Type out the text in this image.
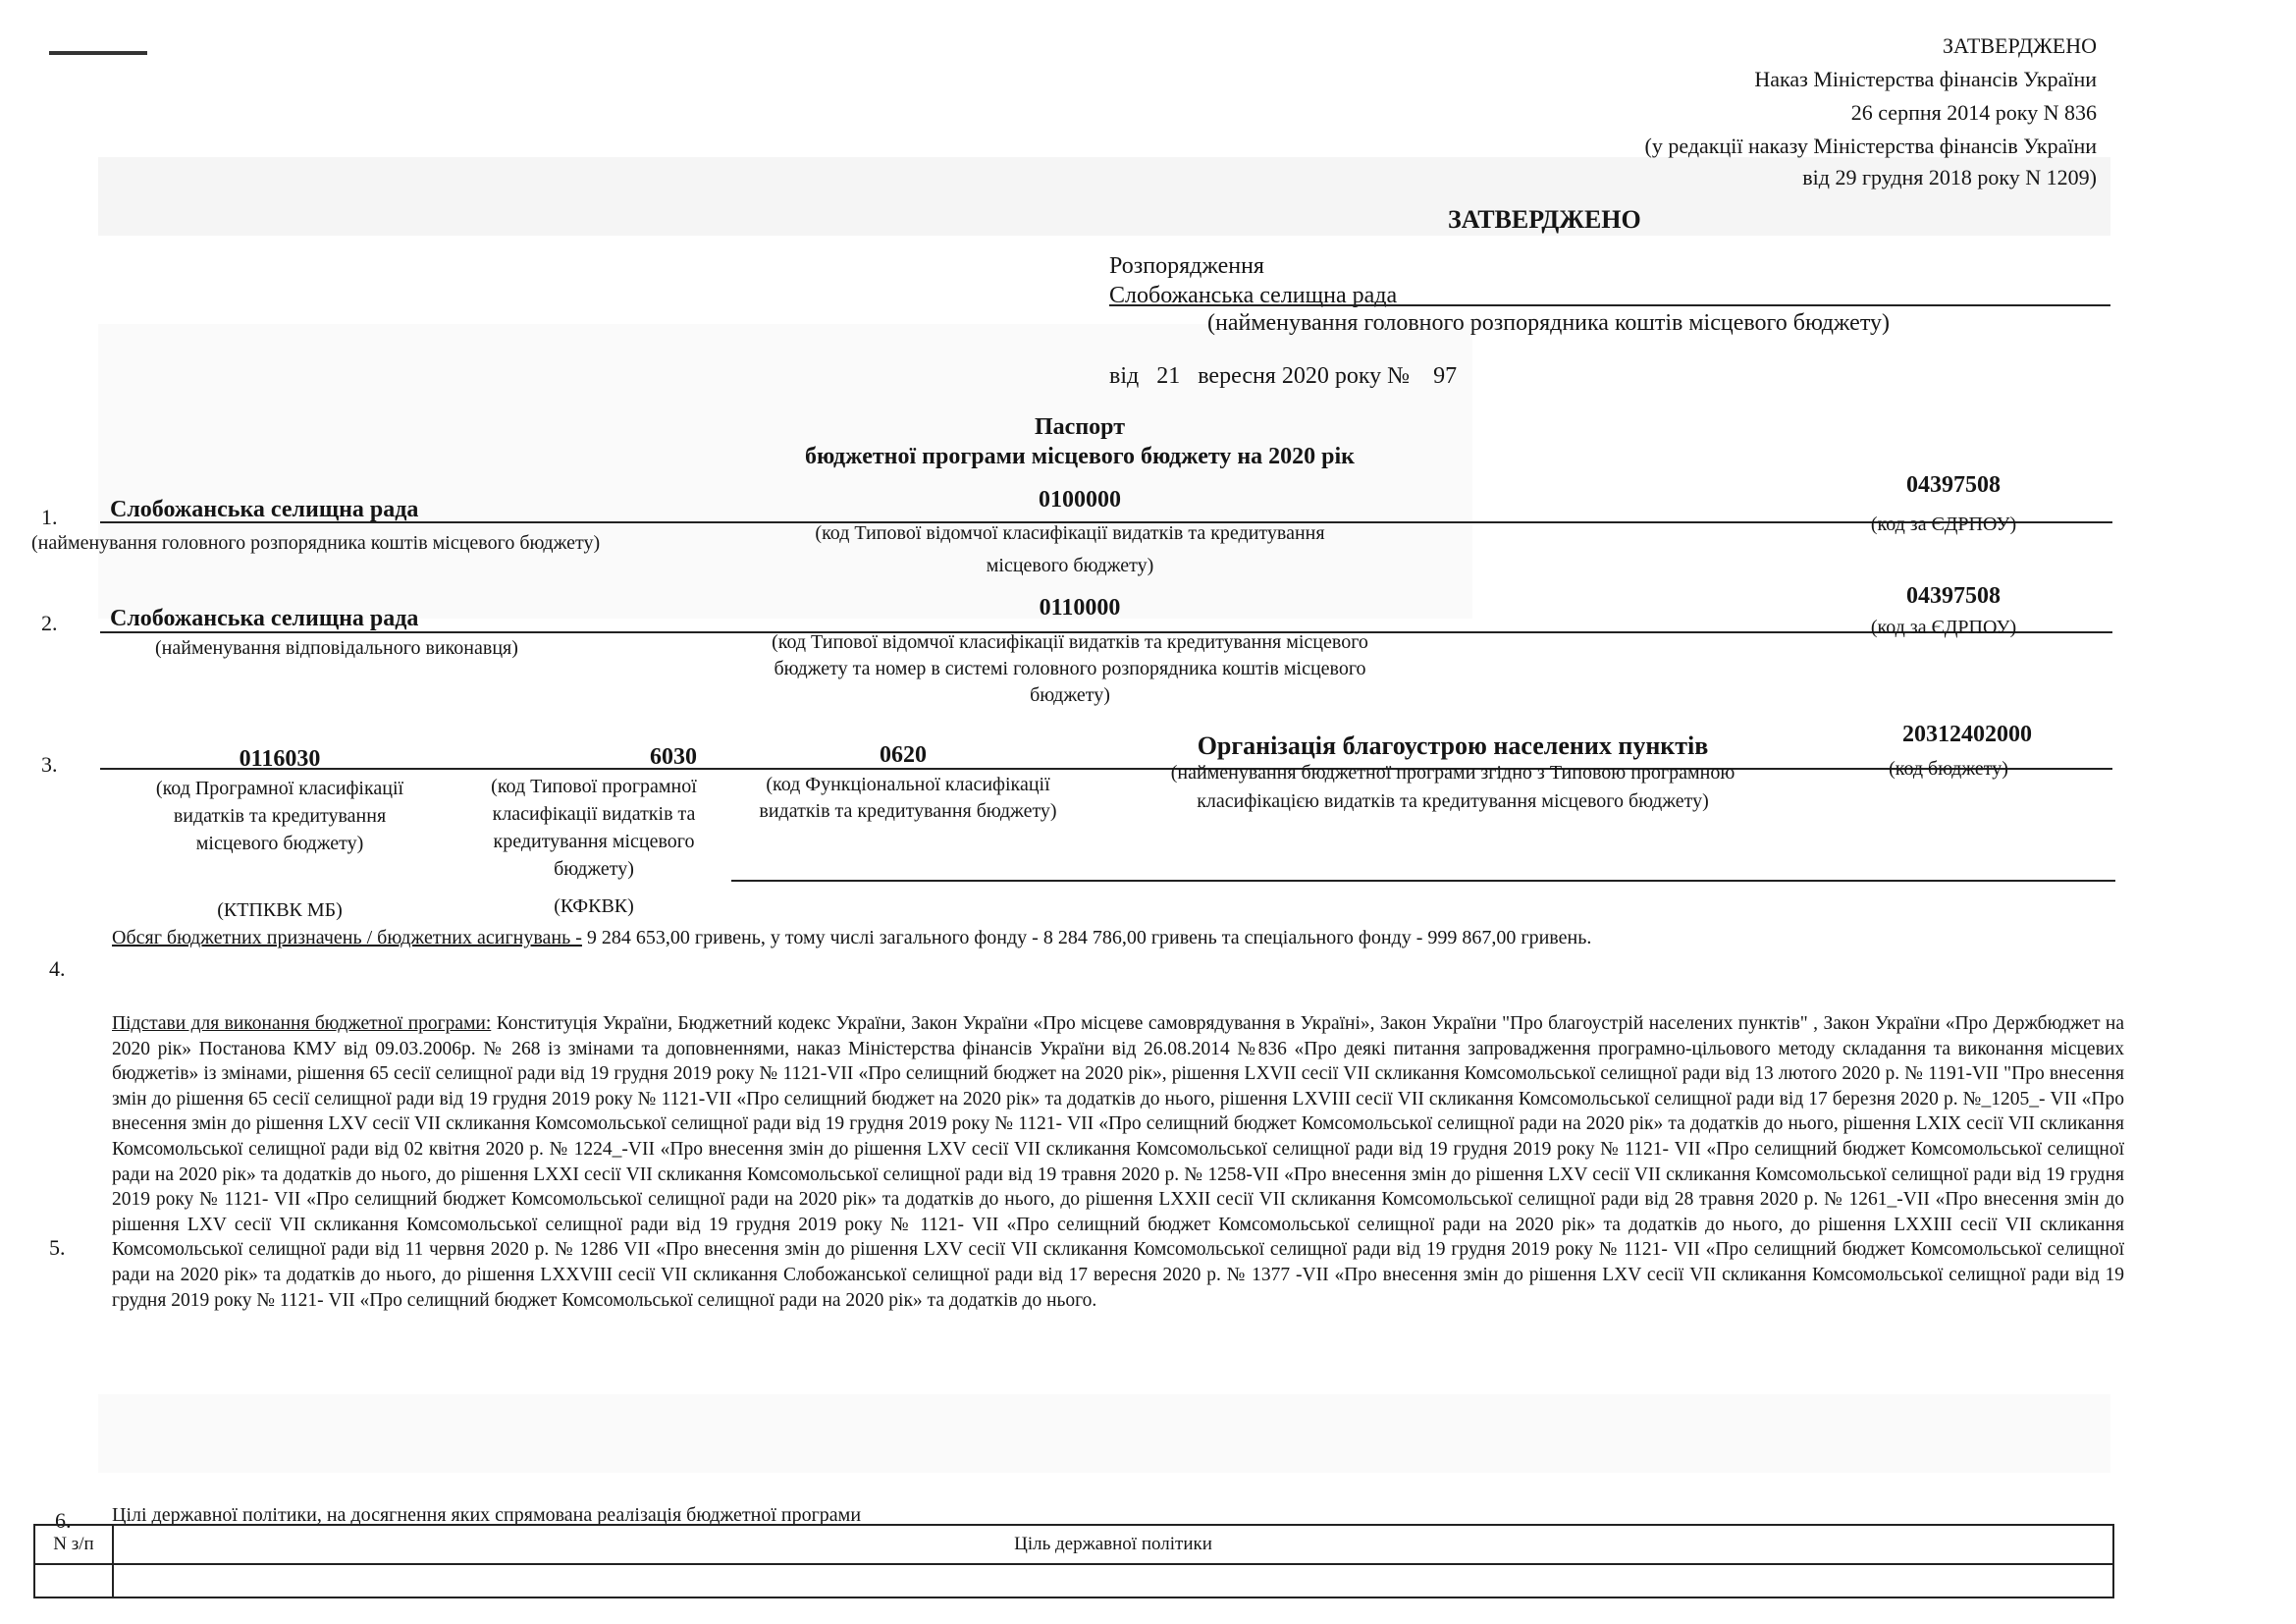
ЗАТВЕРДЖЕНО
Наказ Міністерства фінансів України
26 серпня 2014 року N 836
(у редакції наказу Міністерства фінансів України
від 29 грудня 2018 року N 1209)
ЗАТВЕРДЖЕНО
Розпорядження
Слобожанська селищна рада
(найменування головного розпорядника коштів місцевого бюджету)
від 21 вересня 2020 року № 97
Паспорт
бюджетної програми місцевого бюджету на 2020 рік
1. Слобожанська селищна рада	0100000
04397508
(найменування головного розпорядника коштів місцевого бюджету)	(код Типової відомчої класифікації видатків та кредитування
місцевого бюджету)
(код за ЄДРПОУ)
2. Слобожанська селищна рада	0110000	04397508
(найменування відповідального виконавця)	(код Типової відомчої класифікації видатків та кредитування місцевого
бюджету та номер в системі головного розпорядника коштів місцевого
бюджету)
(код за ЄДРПОУ)
3.	0116030	6030	0620	Організація благоустрою населених пунктів	20312402000
(код Програмної класифікації
видатків та кредитування
місцевого бюджету)
(КТПКВК МБ)
(код Типової програмної
класифікації видатків та
кредитування місцевого
бюджету)
(КФКВК)
(код Функціональної класифікації
видатків та кредитування бюджету)
(найменування бюджетної програми згідно з Типовою програмною
класифікацією видатків та кредитування місцевого бюджету)
(код бюджету)
4.
Обсяг бюджетних призначень / бюджетних асигнувань - 9 284 653,00 гривень, у тому числі загального фонду - 8 284 786,00 гривень та спеціального фонду - 999 867,00 гривень.
5.
Підстави для виконання бюджетної програми: Конституція України, Бюджетний кодекс України, Закон України «Про місцеве самоврядування в Україні», Закон України "Про благоустрій населених пунктів" , Закон України «Про Держбюджет на 2020 рік» Постанова КМУ від 09.03.2006р. № 268 із змінами та доповненнями, наказ Міністерства фінансів України від 26.08.2014 №836 «Про деякі питання запровадження програмно-цільового методу складання та виконання місцевих бюджетів» із змінами, рішення 65 сесії селищної ради від 19 грудня 2019 року № 1121-VII «Про селищний бюджет на 2020 рік», рішення LXVII сесії VII скликання Комсомольської селищної ради від 13 лютого 2020 р. № 1191-VII "Про внесення змін до рішення 65 сесії селищної ради від 19 грудня 2019 року № 1121-VII «Про селищний бюджет на 2020 рік» та додатків до нього, рішення LXVIII сесії VII скликання Комсомольської селищної ради від 17 березня 2020 р. №_1205_- VII «Про внесення змін до рішення LXV сесії VII скликання Комсомольської селищної ради від 19 грудня 2019 року № 1121- VII «Про селищний бюджет Комсомольської селищної ради на 2020 рік» та додатків до нього, рішення LXIX сесії VII скликання Комсомольської селищної ради від 02 квітня 2020 р. № 1224_-VII «Про внесення змін до рішення LXV сесії VII скликання Комсомольської селищної ради від 19 грудня 2019 року № 1121- VII «Про селищний бюджет Комсомольської селищної ради на 2020 рік» та додатків до нього, до рішення LXXI сесії VII скликання Комсомольської селищної ради від 19 травня 2020 р. № 1258-VII «Про внесення змін до рішення LXV сесії VII скликання Комсомольської селищної ради від 19 грудня 2019 року № 1121- VII «Про селищний бюджет Комсомольської селищної ради на 2020 рік» та додатків до нього, до рішення LXXII сесії VII скликання Комсомольської селищної ради від 28 травня 2020 р. № 1261_-VII «Про внесення змін до рішення LXV сесії VII скликання Комсомольської селищної ради від 19 грудня 2019 року № 1121- VII «Про селищний бюджет Комсомольської селищної ради на 2020 рік» та додатків до нього, до рішення LXXIII сесії VII скликання Комсомольської селищної ради від 11 червня 2020 р. № 1286 VII «Про внесення змін до рішення LXV сесії VII скликання Комсомольської селищної ради від 19 грудня 2019 року № 1121- VII «Про селищний бюджет Комсомольської селищної ради на 2020 рік» та додатків до нього, до рішення LXXVIII сесії VII скликання Слобожанської селищної ради від 17 вересня 2020 р. № 1377 -VII «Про внесення змін до рішення LXV сесії VII скликання Комсомольської селищної ради від 19 грудня 2019 року № 1121- VII «Про селищний бюджет Комсомольської селищної ради на 2020 рік» та додатків до нього.
6. Цілі державної політики, на досягнення яких спрямована реалізація бюджетної програми
N з/п	Ціль державної політики
